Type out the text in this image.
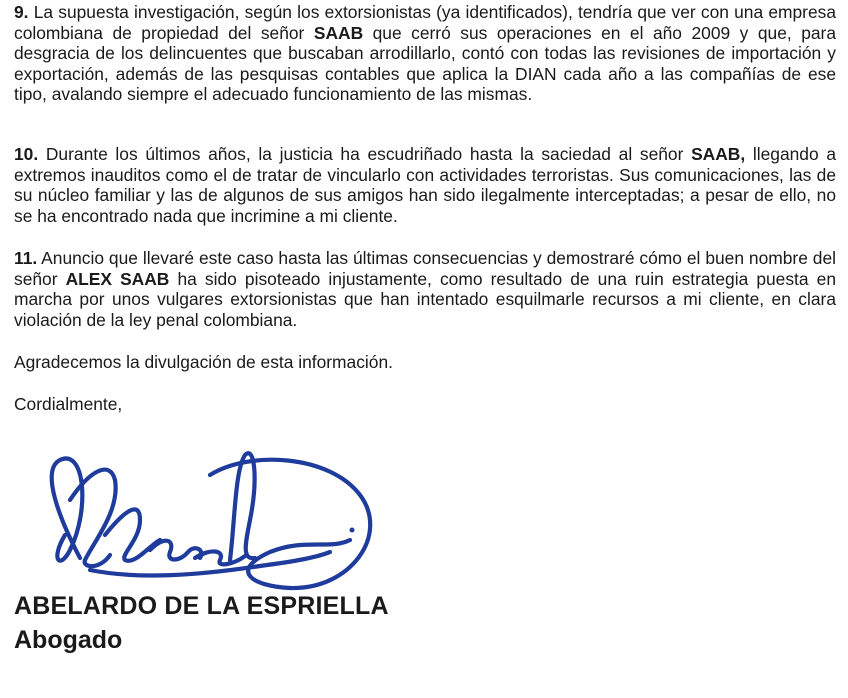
9. La supuesta investigación, según los extorsionistas (ya identificados), tendría que ver con una empresa colombiana de propiedad del señor SAAB que cerró sus operaciones en el año 2009 y que, para desgracia de los delincuentes que buscaban arrodillarlo, contó con todas las revisiones de importación y exportación, además de las pesquisas contables que aplica la DIAN cada año a las compañías de ese tipo, avalando siempre el adecuado funcionamiento de las mismas.
10. Durante los últimos años, la justicia ha escudriñado hasta la saciedad al señor SAAB, llegando a extremos inauditos como el de tratar de vincularlo con actividades terroristas. Sus comunicaciones, las de su núcleo familiar y las de algunos de sus amigos han sido ilegalmente interceptadas; a pesar de ello, no se ha encontrado nada que incrimine a mi cliente.
11. Anuncio que llevaré este caso hasta las últimas consecuencias y demostraré cómo el buen nombre del señor ALEX SAAB ha sido pisoteado injustamente, como resultado de una ruin estrategia puesta en marcha por unos vulgares extorsionistas que han intentado esquilmarle recursos a mi cliente, en clara violación de la ley penal colombiana.
Agradecemos la divulgación de esta información.
Cordialmente,
ABELARDO DE LA ESPRIELLA
Abogado
